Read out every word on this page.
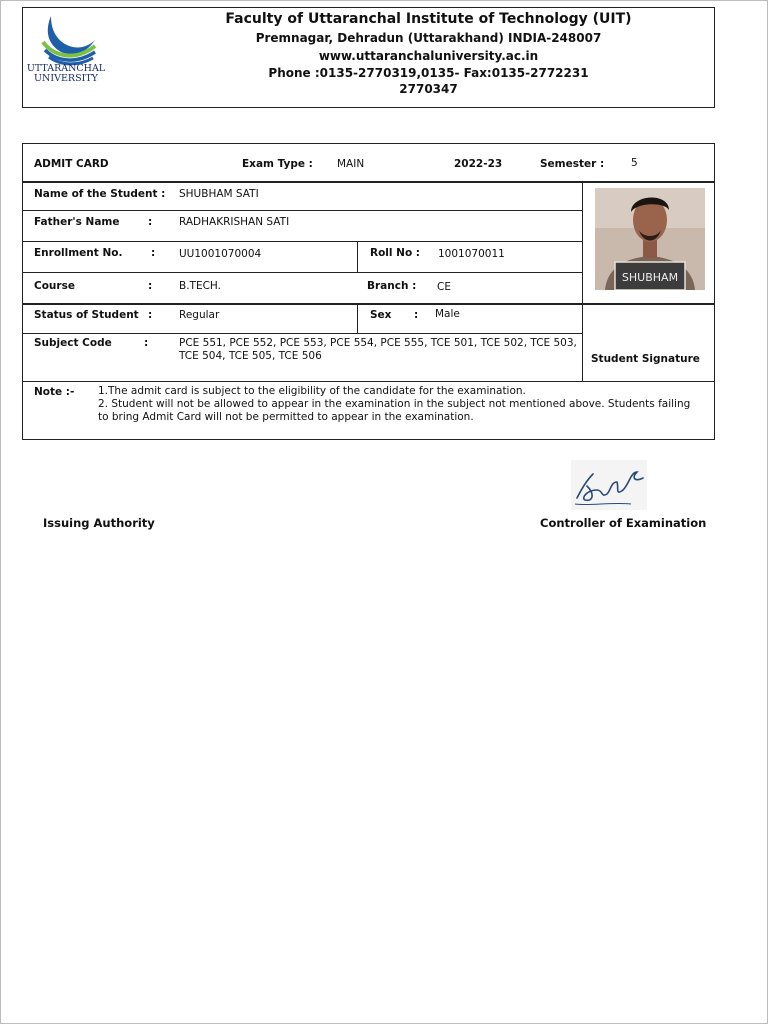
UTTARANCHAL
UNIVERSITY
Faculty of Uttaranchal Institute of Technology (UIT)
Premnagar, Dehradun (Uttarakhand) INDIA-248007
www.uttaranchaluniversity.ac.in
Phone :0135-2770319,0135- Fax:0135-2772231
2770347
ADMIT CARD	Exam Type : MAIN	2022-23	Semester :	5
Name of the Student : SHUBHAM SATI
Father's Name	:	RADHAKRISHAN SATI
Enrollment No.	: UU1001070004	Roll No : 1001070011
Course	:	B.TECH.	Branch : CE
Status of Student :	Regular	Sex : Male
Subject Code	:	PCE 551, PCE 552, PCE 553, PCE 554, PCE 555, TCE 501, TCE 502, TCE 503, TCE 504, TCE 505, TCE 506	Student Signature
SHUBHAM
Note :- 1.The admit card is subject to the eligibility of the candidate for the examination.
2. Student will not be allowed to appear in the examination in the subject not mentioned above. Students failing to bring Admit Card will not be permitted to appear in the examination.
Issuing Authority	Controller of Examination
